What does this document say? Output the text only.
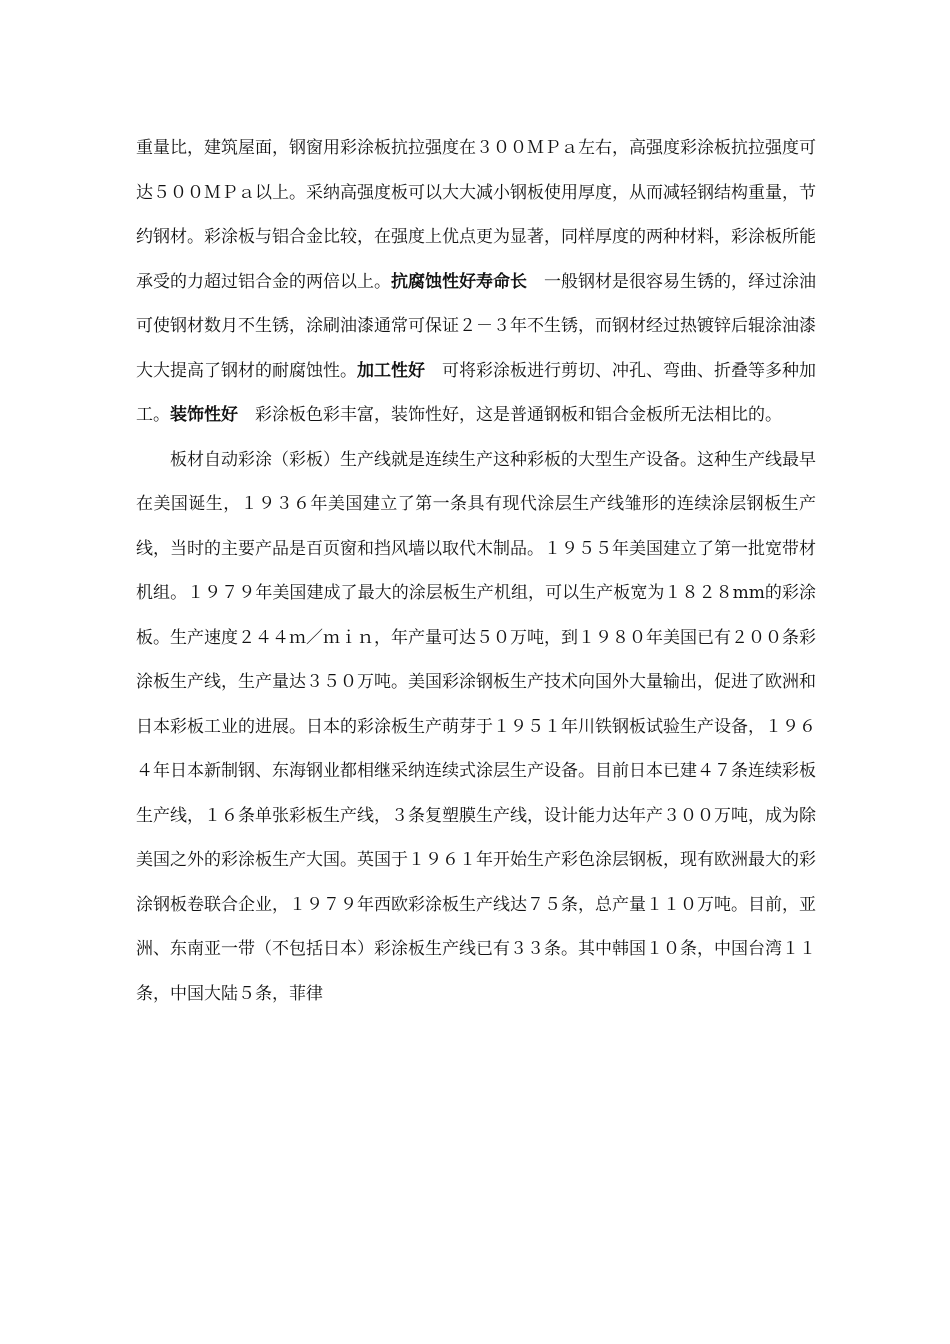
重量比，建筑屋面，钢窗用彩涂板抗拉强度在３００ＭＰａ左右，高强度彩涂板抗拉强度可达５００ＭＰａ以上。采纳高强度板可以大大减小钢板使用厚度，从而减轻钢结构重量，节约钢材。彩涂板与铝合金比较，在强度上优点更为显著，同样厚度的两种材料，彩涂板所能承受的力超过铝合金的两倍以上。抗腐蚀性好寿命长 一般钢材是很容易生锈的，绎过涂油可使钢材数月不生锈，涂刷油漆通常可保证２－３年不生锈，而钢材经过热镀锌后辊涂油漆大大提高了钢材的耐腐蚀性。加工性好 可将彩涂板进行剪切、冲孔、弯曲、折叠等多种加工。装饰性好 彩涂板色彩丰富，装饰性好，这是普通钢板和铝合金板所无法相比的。

板材自动彩涂（彩板）生产线就是连续生产这种彩板的大型生产设备。这种生产线最早在美国诞生，１９３６年美国建立了第一条具有现代涂层生产线雏形的连续涂层钢板生产线，当时的主要产品是百页窗和挡风墙以取代木制品。１９５５年美国建立了第一批宽带材机组。１９７９年美国建成了最大的涂层板生产机组，可以生产板宽为１８２８mm的彩涂板。生产速度２４４ｍ／ｍｉｎ，年产量可达５０万吨，到１９８０年美国已有２００条彩涂板生产线，生产量达３５０万吨。美国彩涂钢板生产技术向国外大量输出，促进了欧洲和日本彩板工业的进展。日本的彩涂板生产萌芽于１９５１年川铁钢板试验生产设备，１９６４年日本新制钢、东海钢业都相继采纳连续式涂层生产设备。目前日本已建４７条连续彩板生产线，１６条单张彩板生产线，３条复塑膜生产线，设计能力达年产３００万吨，成为除美国之外的彩涂板生产大国。英国于１９６１年开始生产彩色涂层钢板，现有欧洲最大的彩涂钢板卷联合企业，１９７９年西欧彩涂板生产线达７５条，总产量１１０万吨。目前，亚洲、东南亚一带（不包括日本）彩涂板生产线已有３３条。其中韩国１０条，中国台湾１１条，中国大陆５条，菲律
